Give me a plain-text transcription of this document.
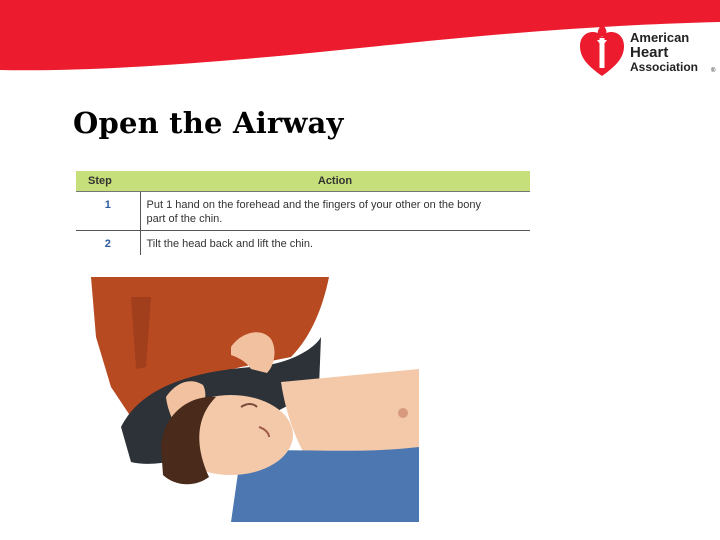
American
Heart
Association ®
Open the Airway
Step	Action
1	Put 1 hand on the forehead and the fingers of your other on the bony part of the chin.
2	Tilt the head back and lift the chin.
